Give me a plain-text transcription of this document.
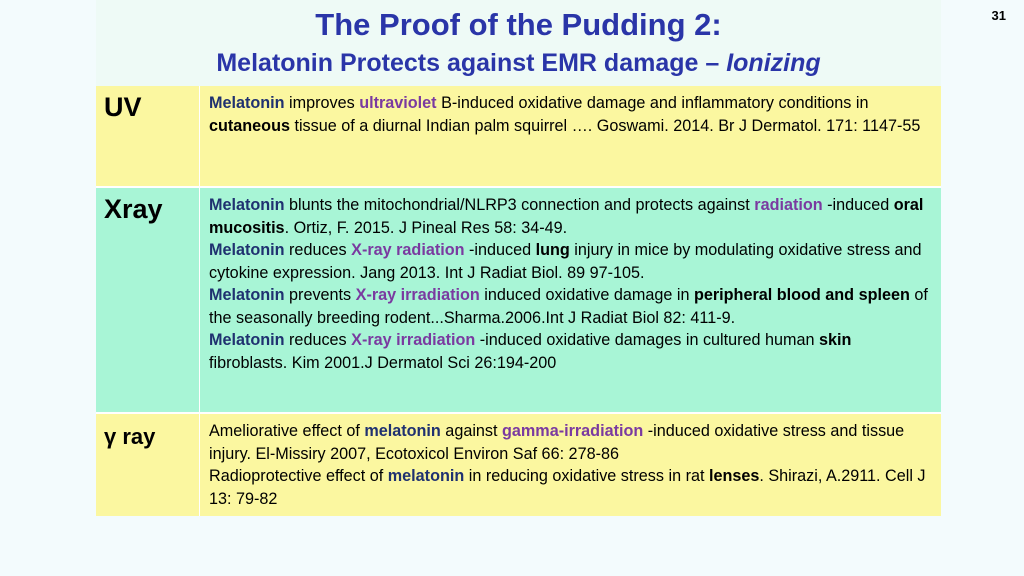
31
The Proof of the Pudding 2:
Melatonin Protects against EMR damage – Ionizing
UV	Melatonin improves ultraviolet B-induced oxidative damage and inflammatory conditions in cutaneous tissue of a diurnal Indian palm squirrel …. Goswami. 2014. Br J Dermatol. 171: 1147-55

Xray	Melatonin blunts the mitochondrial/NLRP3 connection and protects against radiation -induced oral mucositis. Ortiz, F. 2015. J Pineal Res 58: 34-49.
Melatonin reduces X-ray radiation -induced lung injury in mice by modulating oxidative stress and cytokine expression. Jang 2013. Int J Radiat Biol. 89 97-105.
Melatonin prevents X-ray irradiation induced oxidative damage in peripheral blood and spleen of the seasonally breeding rodent...Sharma.2006.Int J Radiat Biol 82: 411-9.
Melatonin reduces X-ray irradiation -induced oxidative damages in cultured human skin fibroblasts. Kim 2001.J Dermatol Sci 26:194-200

γ ray	Ameliorative effect of melatonin against gamma-irradiation -induced oxidative stress and tissue injury. El-Missiry 2007, Ecotoxicol Environ Saf 66: 278-86
Radioprotective effect of melatonin in reducing oxidative stress in rat lenses. Shirazi, A.2911. Cell J 13: 79-82
